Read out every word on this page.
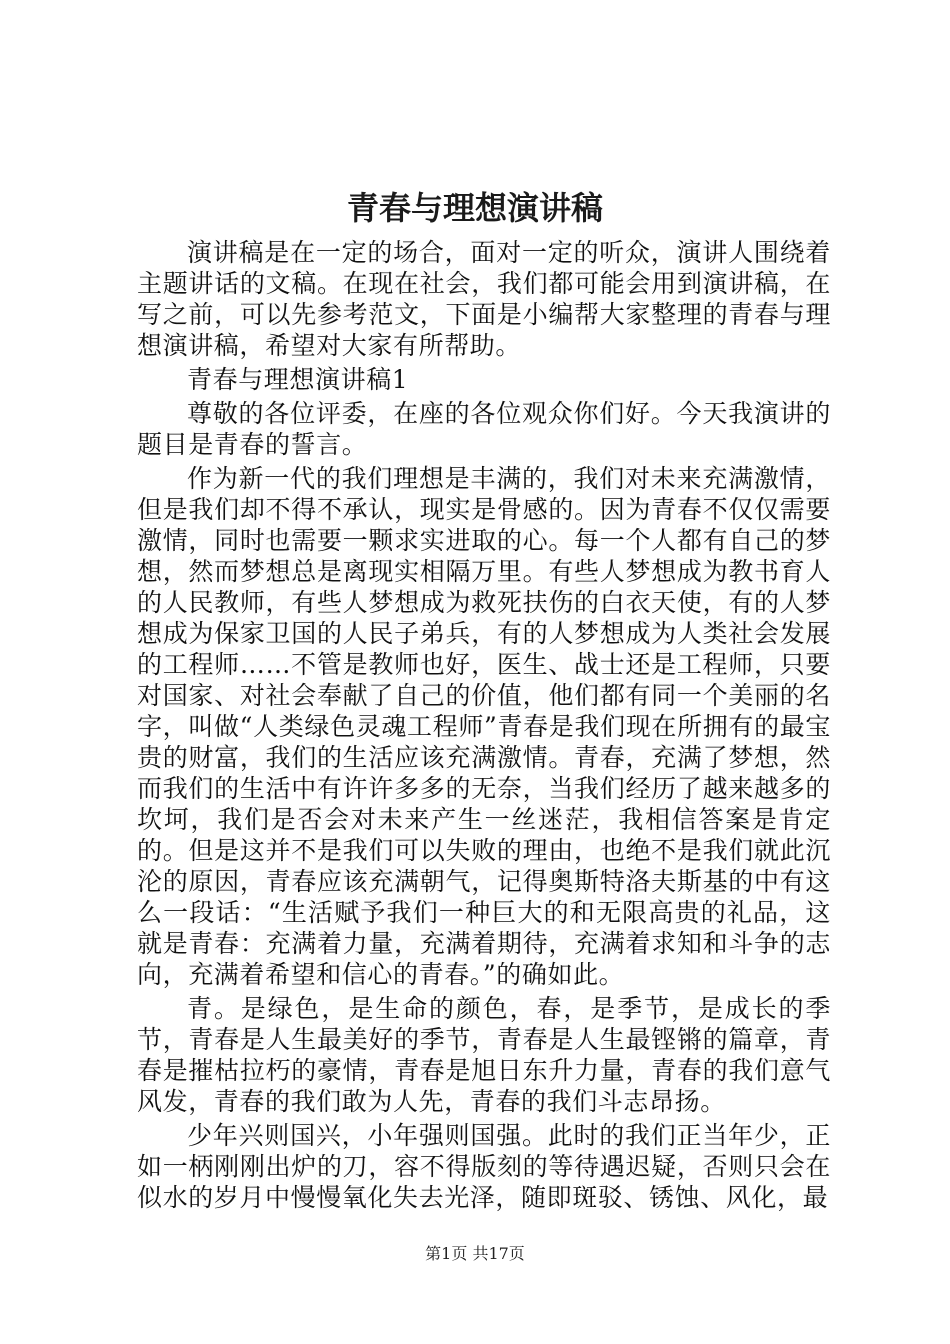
青春与理想演讲稿

演讲稿是在一定的场合，面对一定的听众，演讲人围绕着主题讲话的文稿。在现在社会，我们都可能会用到演讲稿，在写之前，可以先参考范文，下面是小编帮大家整理的青春与理想演讲稿，希望对大家有所帮助。

青春与理想演讲稿1

尊敬的各位评委，在座的各位观众你们好。今天我演讲的题目是青春的誓言。

作为新一代的我们理想是丰满的，我们对未来充满激情，但是我们却不得不承认，现实是骨感的。因为青春不仅仅需要激情，同时也需要一颗求实进取的心。每一个人都有自己的梦想，然而梦想总是离现实相隔万里。有些人梦想成为教书育人的人民教师，有些人梦想成为救死扶伤的白衣天使，有的人梦想成为保家卫国的人民子弟兵，有的人梦想成为人类社会发展的工程师……不管是教师也好，医生、战士还是工程师，只要对国家、对社会奉献了自己的价值，他们都有同一个美丽的名字，叫做“人类绿色灵魂工程师”青春是我们现在所拥有的最宝贵的财富，我们的生活应该充满激情。青春，充满了梦想，然而我们的生活中有许许多多的无奈，当我们经历了越来越多的坎坷，我们是否会对未来产生一丝迷茫，我相信答案是肯定的。但是这并不是我们可以失败的理由，也绝不是我们就此沉沦的原因，青春应该充满朝气，记得奥斯特洛夫斯基的中有这么一段话：“生活赋予我们一种巨大的和无限高贵的礼品，这就是青春：充满着力量，充满着期待，充满着求知和斗争的志向，充满着希望和信心的青春。”的确如此。

青。是绿色，是生命的颜色，春，是季节，是成长的季节，青春是人生最美好的季节，青春是人生最铿锵的篇章，青春是摧枯拉朽的豪情，青春是旭日东升力量，青春的我们意气风发，青春的我们敢为人先，青春的我们斗志昂扬。

少年兴则国兴，小年强则国强。此时的我们正当年少，正如一柄刚刚出炉的刀，容不得版刻的等待遇迟疑，否则只会在似水的岁月中慢慢氧化失去光泽，随即斑驳、锈蚀、风化，最

第1页 共17页
